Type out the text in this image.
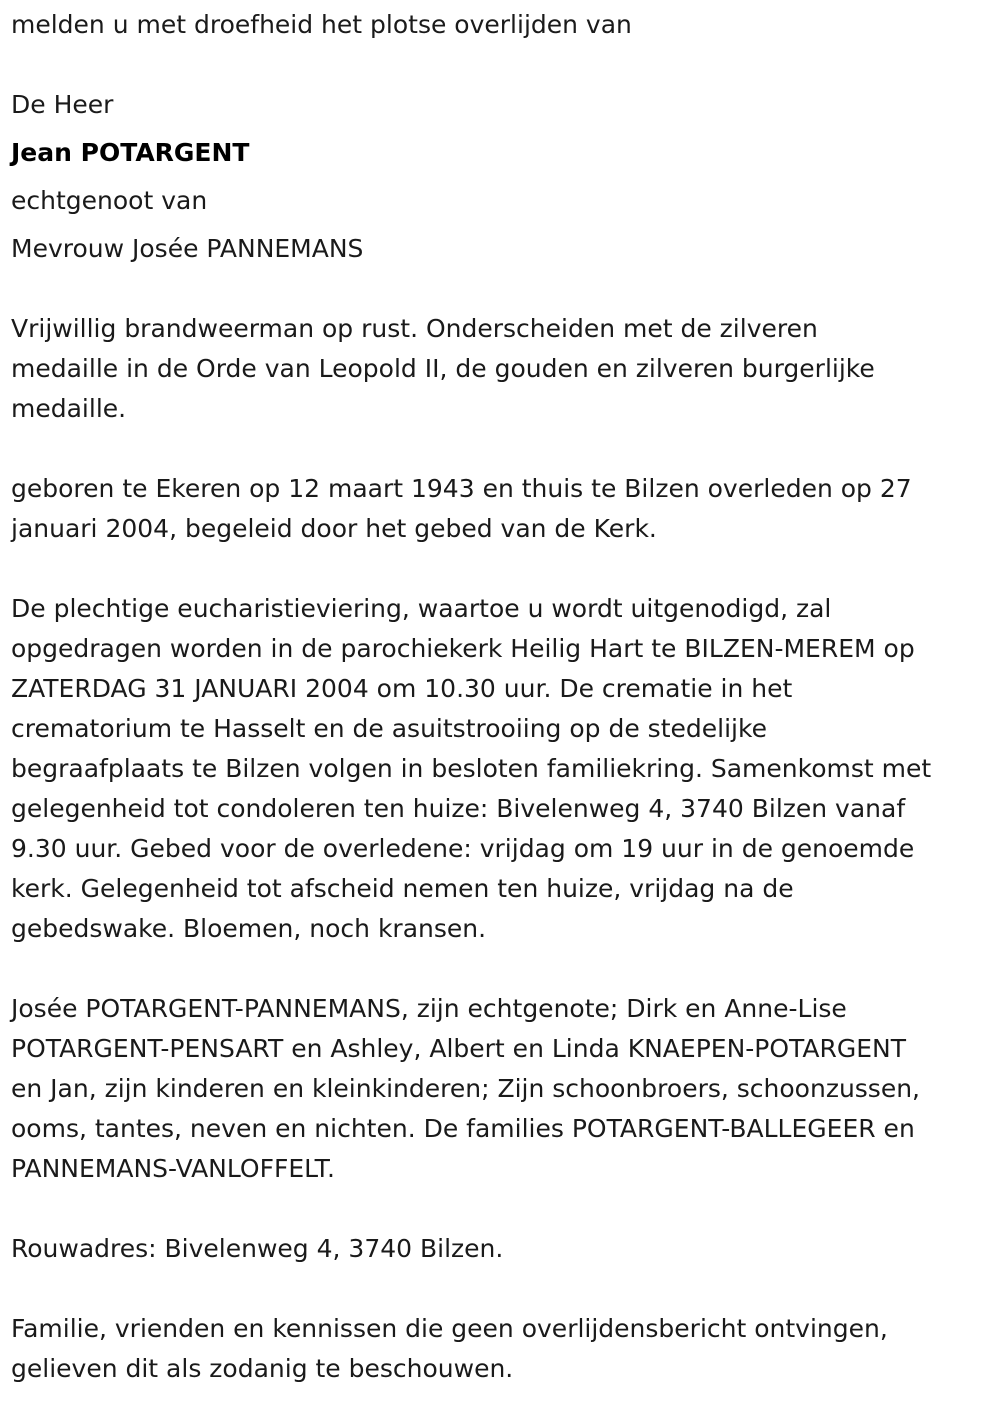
melden u met droefheid het plotse overlijden van

De Heer

Jean POTARGENT

echtgenoot van

Mevrouw Josée PANNEMANS

Vrijwillig brandweerman op rust. Onderscheiden met de zilveren
medaille in de Orde van Leopold II, de gouden en zilveren burgerlijke
medaille.
geboren te Ekeren op 12 maart 1943 en thuis te Bilzen overleden op 27
januari 2004, begeleid door het gebed van de Kerk.
De plechtige eucharistieviering, waartoe u wordt uitgenodigd, zal
opgedragen worden in de parochiekerk Heilig Hart te BILZEN-MEREM op
ZATERDAG 31 JANUARI 2004 om 10.30 uur. De crematie in het
crematorium te Hasselt en de asuitstrooiing op de stedelijke
begraafplaats te Bilzen volgen in besloten familiekring. Samenkomst met
gelegenheid tot condoleren ten huize: Bivelenweg 4, 3740 Bilzen vanaf
9.30 uur. Gebed voor de overledene: vrijdag om 19 uur in de genoemde
kerk. Gelegenheid tot afscheid nemen ten huize, vrijdag na de
gebedswake. Bloemen, noch kransen.
Josée POTARGENT-PANNEMANS, zijn echtgenote; Dirk en Anne-Lise
POTARGENT-PENSART en Ashley, Albert en Linda KNAEPEN-POTARGENT
en Jan, zijn kinderen en kleinkinderen; Zijn schoonbroers, schoonzussen,
ooms, tantes, neven en nichten. De families POTARGENT-BALLEGEER en
PANNEMANS-VANLOFFELT.
Rouwadres: Bivelenweg 4, 3740 Bilzen.
Familie, vrienden en kennissen die geen overlijdensbericht ontvingen,
gelieven dit als zodanig te beschouwen.
